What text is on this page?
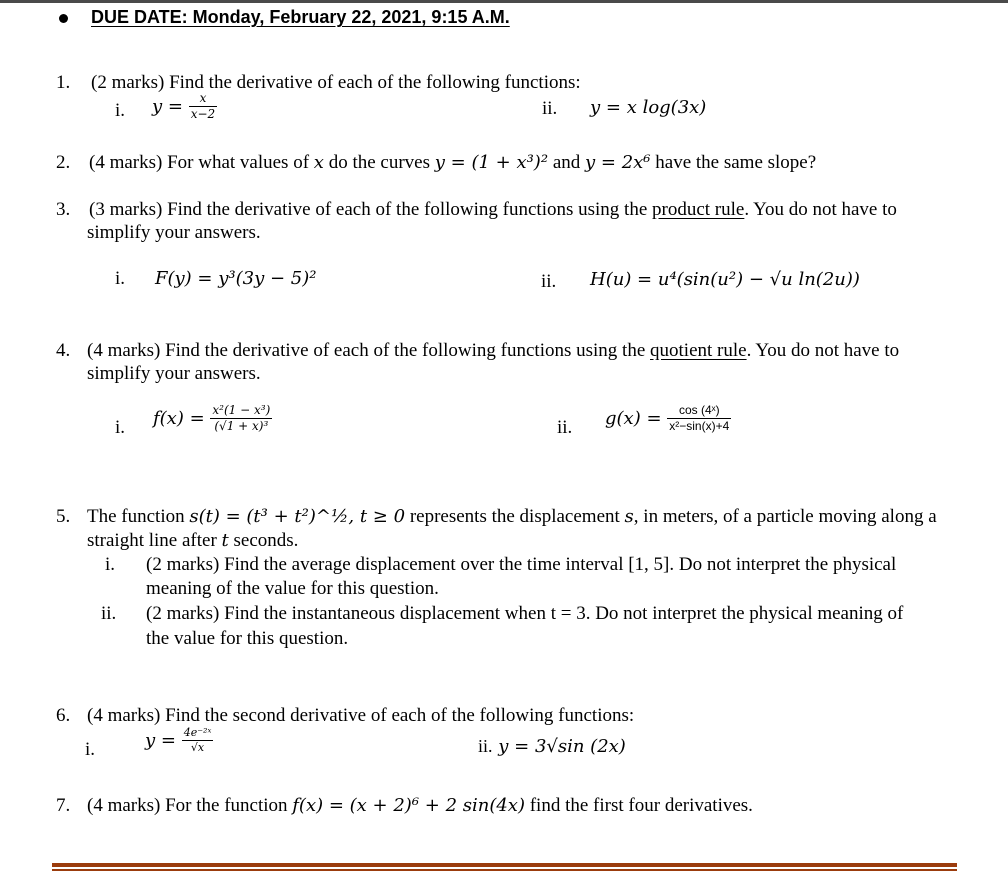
DUE DATE: Monday, February 22, 2021, 9:15 A.M.
1. (2 marks) Find the derivative of each of the following functions:
i. $y = \frac{x}{x-2}$	ii. y = x log(3x)
2. (4 marks) For what values of x do the curves y = (1 + x³)² and y = 2x⁶ have the same slope?
3. (3 marks) Find the derivative of each of the following functions using the product rule. You do not have to
simplify your answers.
i. F(y) = y³(3y − 5)²	ii. H(u) = u⁴(sin(u²) − √u ln(2u))
4. (4 marks) Find the derivative of each of the following functions using the quotient rule. You do not have to
simplify your answers.
i. $f(x) = \frac{\text{x²(1 − x³)}}{\text{(√1 + x)³}}$	ii. $g(x) = \frac{\text{cos (4ˣ)}}{\text{x²−sin(x)+4}}$
5. The function s(t) = (t³ + t²)^½, t ≥ 0 represents the displacement s, in meters, of a particle moving along a
straight line after t seconds.
i. (2 marks) Find the average displacement over the time interval [1, 5]. Do not interpret the physical
meaning of the value for this question.
ii. (2 marks) Find the instantaneous displacement when t = 3. Do not interpret the physical meaning of
the value for this question.
6. (4 marks) Find the second derivative of each of the following functions:
i.	$y = \frac{\text{4e⁻²ˣ}}{√x}$	ii. y = 3√sin (2x)
7. (4 marks) For the function f(x) = (x + 2)⁶ + 2 sin(4x) find the first four derivatives.
